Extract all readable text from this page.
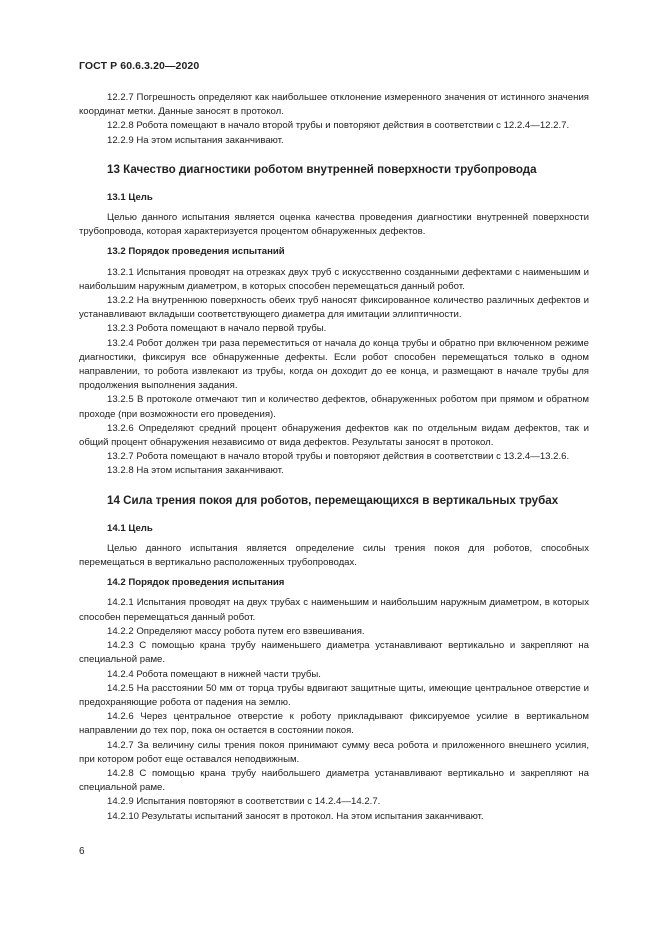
ГОСТ Р 60.6.3.20—2020

12.2.7 Погрешность определяют как наибольшее отклонение измеренного значения от истинного значения координат метки. Данные заносят в протокол.

12.2.8 Робота помещают в начало второй трубы и повторяют действия в соответствии с 12.2.4—12.2.7.

12.2.9 На этом испытания заканчивают.

13 Качество диагностики роботом внутренней поверхности трубопровода

13.1 Цель

Целью данного испытания является оценка качества проведения диагностики внутренней поверхности трубопровода, которая характеризуется процентом обнаруженных дефектов.

13.2 Порядок проведения испытаний

13.2.1 Испытания проводят на отрезках двух труб с искусственно созданными дефектами с наименьшим и наибольшим наружным диаметром, в которых способен перемещаться данный робот.

13.2.2 На внутреннюю поверхность обеих труб наносят фиксированное количество различных дефектов и устанавливают вкладыши соответствующего диаметра для имитации эллиптичности.

13.2.3 Робота помещают в начало первой трубы.

13.2.4 Робот должен три раза переместиться от начала до конца трубы и обратно при включенном режиме диагностики, фиксируя все обнаруженные дефекты. Если робот способен перемещаться только в одном направлении, то робота извлекают из трубы, когда он доходит до ее конца, и размещают в начале трубы для продолжения выполнения задания.

13.2.5 В протоколе отмечают тип и количество дефектов, обнаруженных роботом при прямом и обратном проходе (при возможности его проведения).

13.2.6 Определяют средний процент обнаружения дефектов как по отдельным видам дефектов, так и общий процент обнаружения независимо от вида дефектов. Результаты заносят в протокол.

13.2.7 Робота помещают в начало второй трубы и повторяют действия в соответствии с 13.2.4—13.2.6.

13.2.8 На этом испытания заканчивают.

14 Сила трения покоя для роботов, перемещающихся в вертикальных трубах

14.1 Цель

Целью данного испытания является определение силы трения покоя для роботов, способных перемещаться в вертикально расположенных трубопроводах.

14.2 Порядок проведения испытания

14.2.1 Испытания проводят на двух трубах с наименьшим и наибольшим наружным диаметром, в которых способен перемещаться данный робот.

14.2.2 Определяют массу робота путем его взвешивания.

14.2.3 С помощью крана трубу наименьшего диаметра устанавливают вертикально и закрепляют на специальной раме.

14.2.4 Робота помещают в нижней части трубы.

14.2.5 На расстоянии 50 мм от торца трубы вдвигают защитные щиты, имеющие центральное отверстие и предохраняющие робота от падения на землю.

14.2.6 Через центральное отверстие к роботу прикладывают фиксируемое усилие в вертикальном направлении до тех пор, пока он остается в состоянии покоя.

14.2.7 За величину силы трения покоя принимают сумму веса робота и приложенного внешнего усилия, при котором робот еще оставался неподвижным.

14.2.8 С помощью крана трубу наибольшего диаметра устанавливают вертикально и закрепляют на специальной раме.

14.2.9 Испытания повторяют в соответствии с 14.2.4—14.2.7.

14.2.10 Результаты испытаний заносят в протокол. На этом испытания заканчивают.

6
